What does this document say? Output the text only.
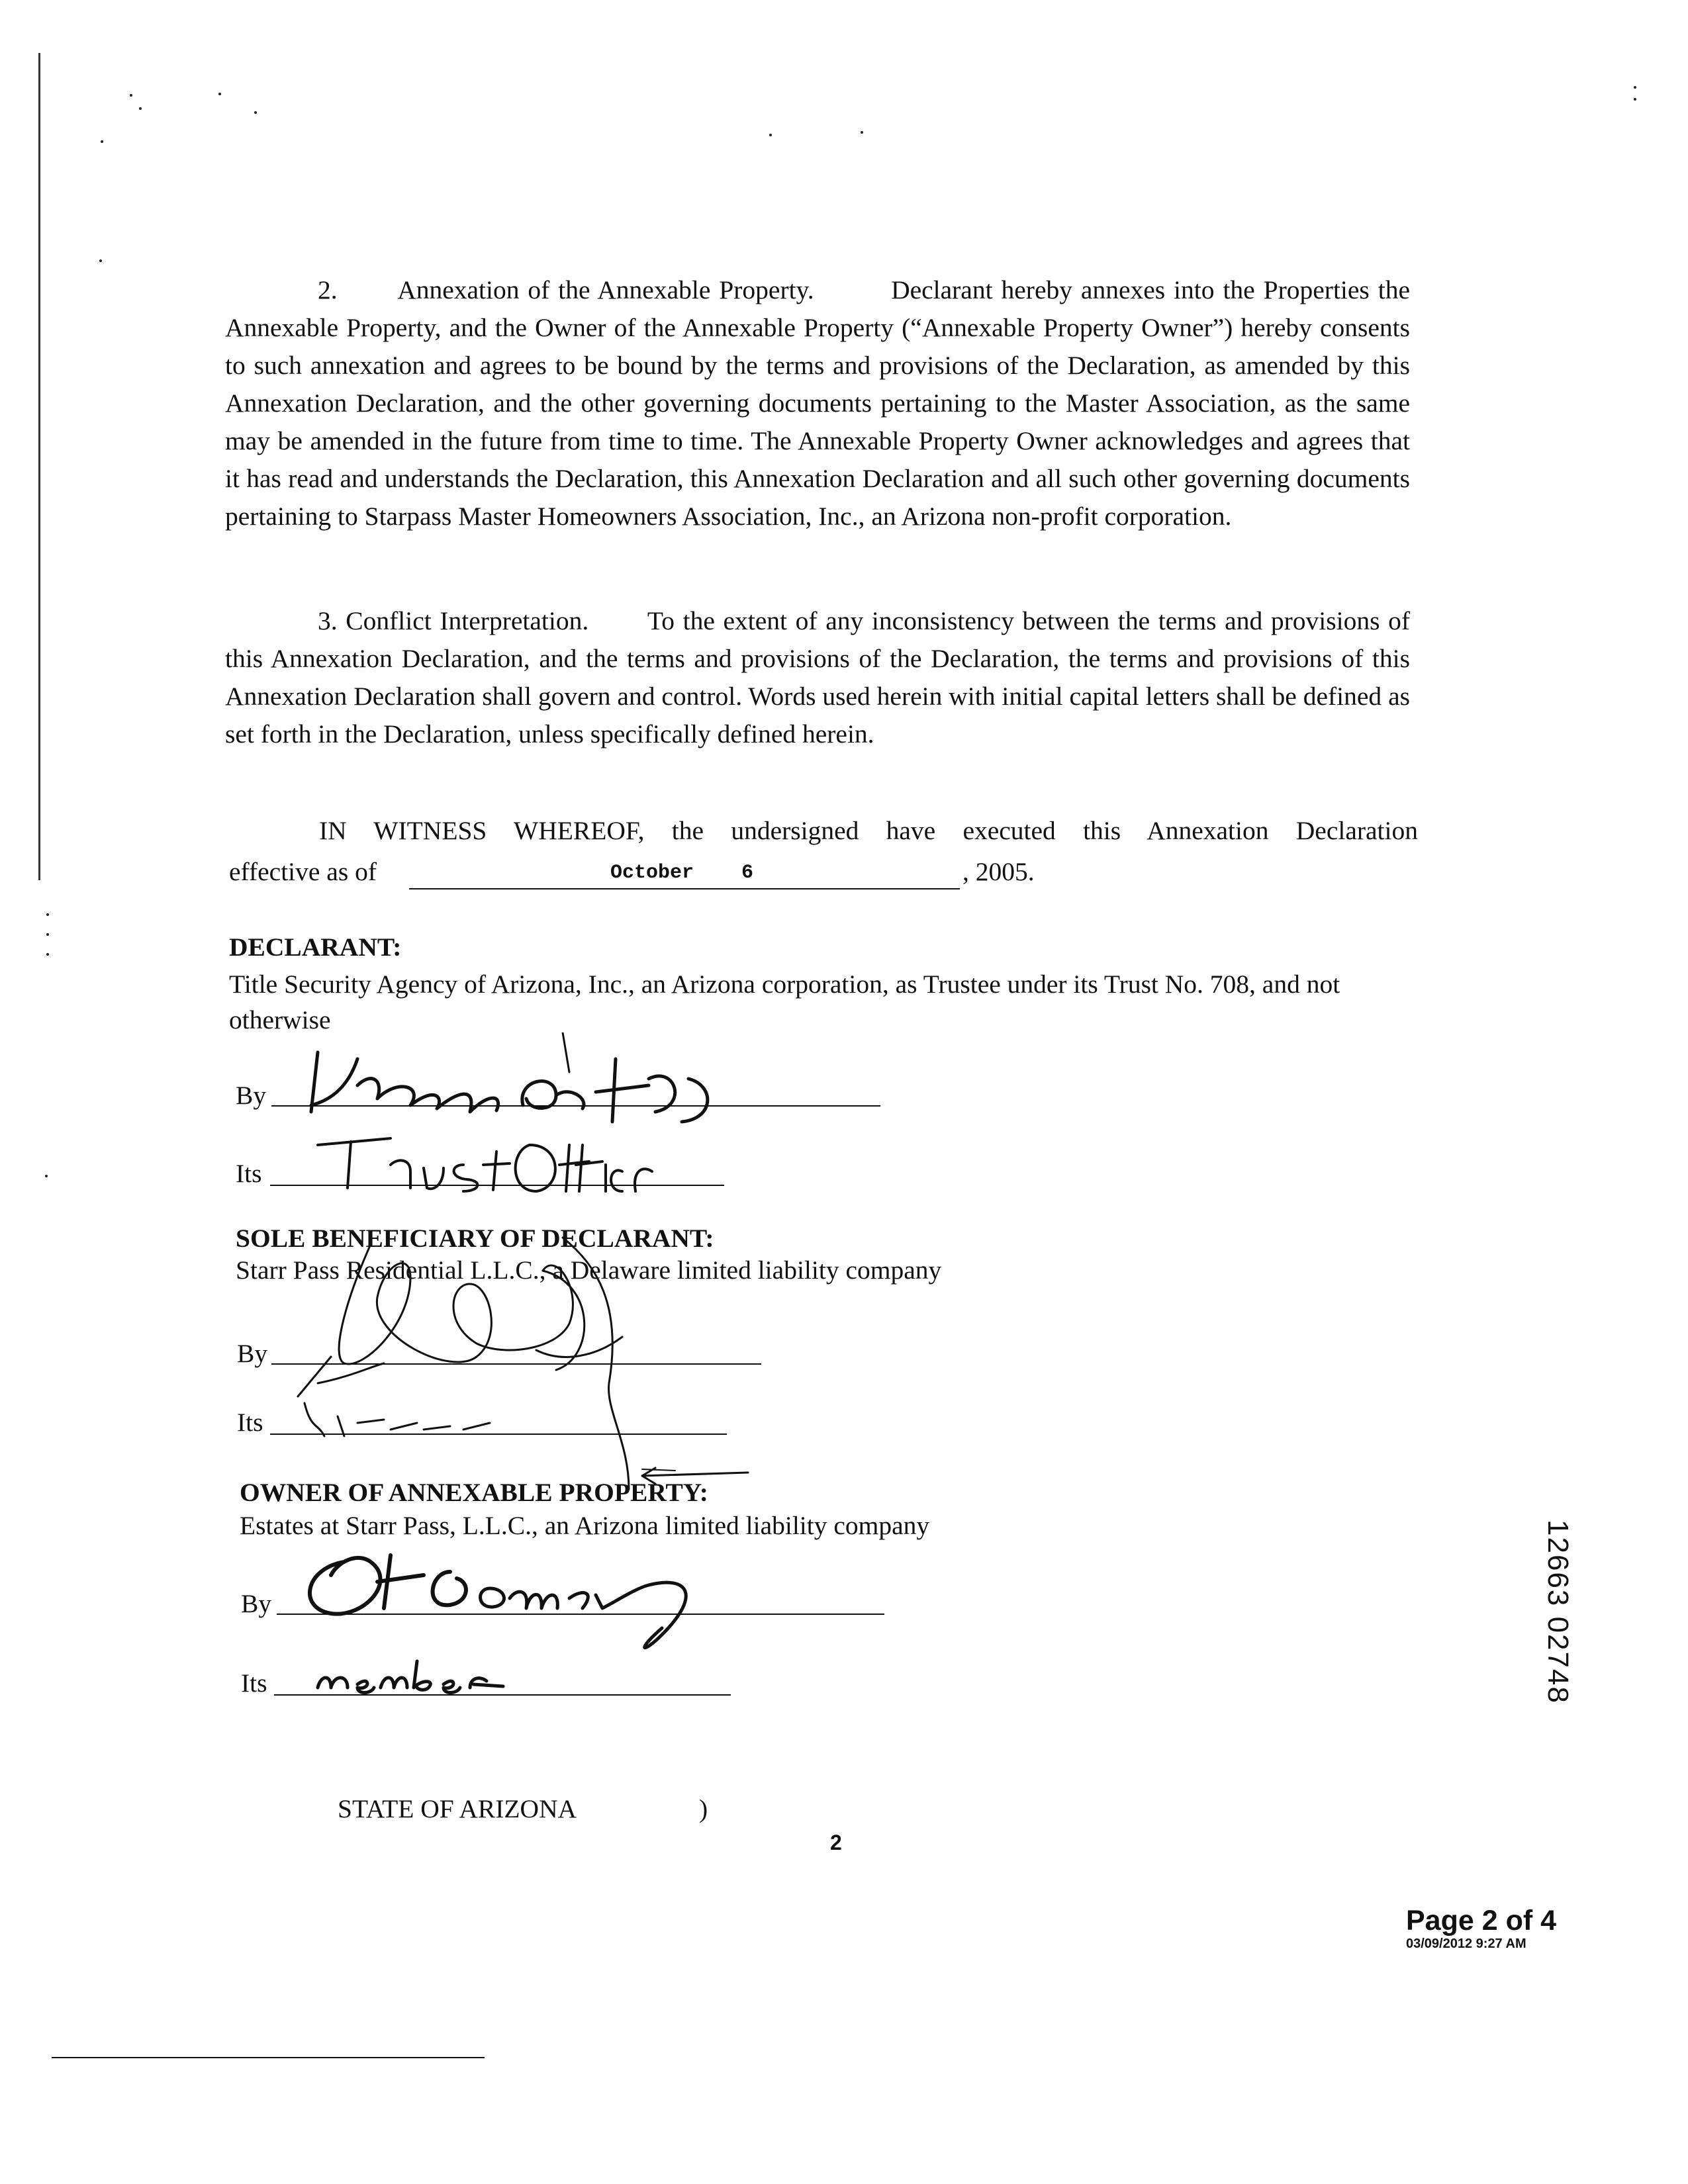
2. Annexation of the Annexable Property.	Declarant hereby annexes into the Properties the Annexable Property, and the Owner of the Annexable Property (“Annexable Property Owner”) hereby consents to such annexation and agrees to be bound by the terms and provisions of the Declaration, as amended by this Annexation Declaration, and the other governing documents pertaining to the Master Association, as the same may be amended in the future from time to time. The Annexable Property Owner acknowledges and agrees that it has read and understands the Declaration, this Annexation Declaration and all such other governing documents pertaining to Starpass Master Homeowners Association, Inc., an Arizona non-profit corporation.
3. Conflict Interpretation. To the extent of any inconsistency between the terms and provisions of this Annexation Declaration, and the terms and provisions of the Declaration, the terms and provisions of this Annexation Declaration shall govern and control. Words used herein with initial capital letters shall be defined as set forth in the Declaration, unless specifically defined herein.
IN WITNESS WHEREOF, the undersigned have executed this Annexation Declaration
effective as of	October    6	, 2005.
DECLARANT:
Title Security Agency of Arizona, Inc., an Arizona corporation, as Trustee under its Trust No. 708, and not otherwise
By
Its
SOLE BENEFICIARY OF DECLARANT:
Starr Pass Residential L.L.C., a Delaware limited liability company
By
Its
OWNER OF ANNEXABLE PROPERTY:
Estates at Starr Pass, L.L.C., an Arizona limited liability company
By
Its
STATE OF ARIZONA	)
2
12663 02748
Page 2 of 4
03/09/2012 9:27 AM
